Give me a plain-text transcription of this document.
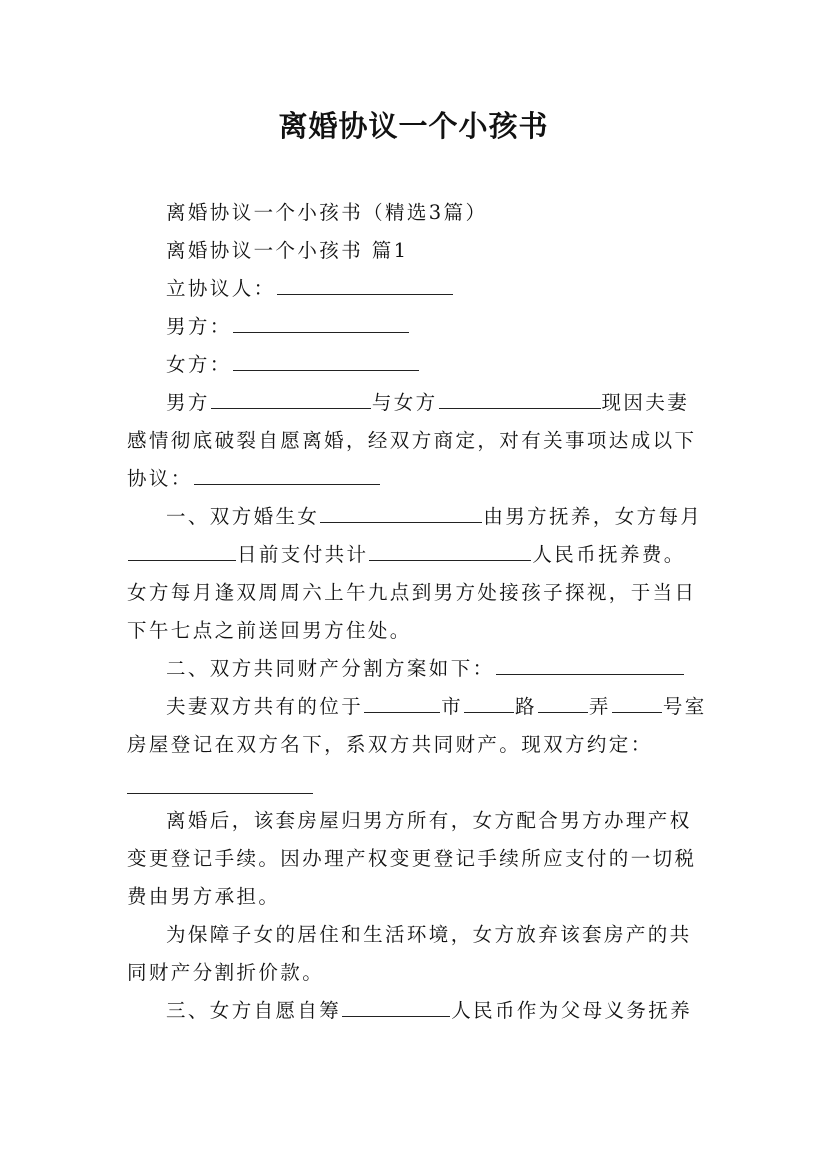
离婚协议一个小孩书

离婚协议一个小孩书（精选3篇）

离婚协议一个小孩书 篇1

立协议人：

男方：

女方：

男方	与女方	现因夫妻感情彻底破裂自愿离婚，经双方商定，对有关事项达成以下协议：

一、双方婚生女	由男方抚养，女方每月日前支付共计	人民币抚养费。女方每月逢双周周六上午九点到男方处接孩子探视，于当日下午七点之前送回男方住处。

二、双方共同财产分割方案如下：

夫妻双方共有的位于	市	路	弄	号室房屋登记在双方名下，系双方共同财产。现双方约定：

离婚后，该套房屋归男方所有，女方配合男方办理产权变更登记手续。因办理产权变更登记手续所应支付的一切税费由男方承担。

为保障子女的居住和生活环境，女方放弃该套房产的共同财产分割折价款。

三、女方自愿自筹	人民币作为父母义务抚养
